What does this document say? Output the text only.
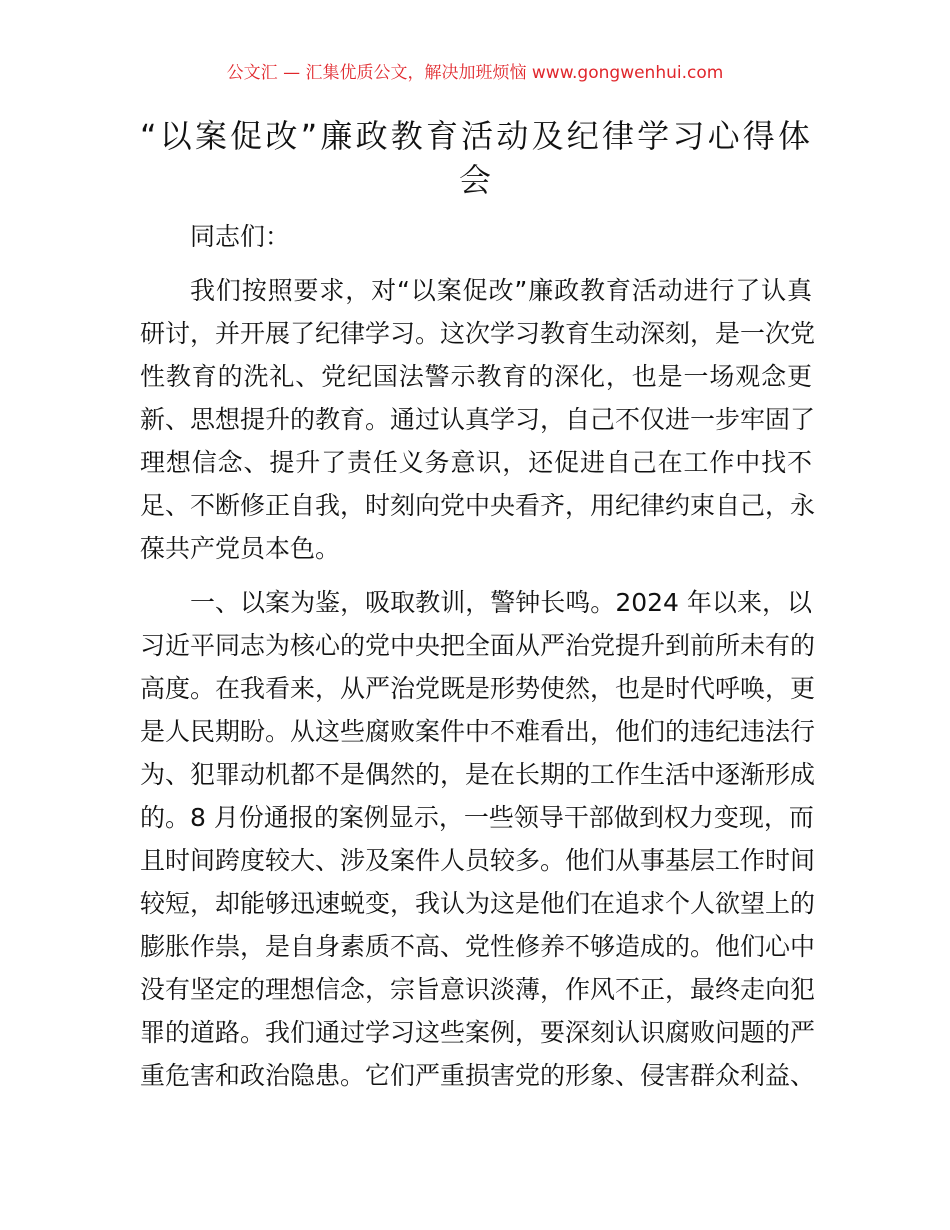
公文汇 — 汇集优质公文，解决加班烦恼 www.gongwenhui.com
“以案促改”廉政教育活动及纪律学习心得体
会
同志们：
我们按照要求，对“以案促改”廉政教育活动进行了认真
研讨，并开展了纪律学习。这次学习教育生动深刻，是一次党
性教育的洗礼、党纪国法警示教育的深化，也是一场观念更
新、思想提升的教育。通过认真学习，自己不仅进一步牢固了
理想信念、提升了责任义务意识，还促进自己在工作中找不
足、不断修正自我，时刻向党中央看齐，用纪律约束自己，永
葆共产党员本色。
一、以案为鉴，吸取教训，警钟长鸣。2024 年以来，以
习近平同志为核心的党中央把全面从严治党提升到前所未有的
高度。在我看来，从严治党既是形势使然，也是时代呼唤，更
是人民期盼。从这些腐败案件中不难看出，他们的违纪违法行
为、犯罪动机都不是偶然的，是在长期的工作生活中逐渐形成
的。8 月份通报的案例显示，一些领导干部做到权力变现，而
且时间跨度较大、涉及案件人员较多。他们从事基层工作时间
较短，却能够迅速蜕变，我认为这是他们在追求个人欲望上的
膨胀作祟，是自身素质不高、党性修养不够造成的。他们心中
没有坚定的理想信念，宗旨意识淡薄，作风不正，最终走向犯
罪的道路。我们通过学习这些案例，要深刻认识腐败问题的严
重危害和政治隐患。它们严重损害党的形象、侵害群众利益、
